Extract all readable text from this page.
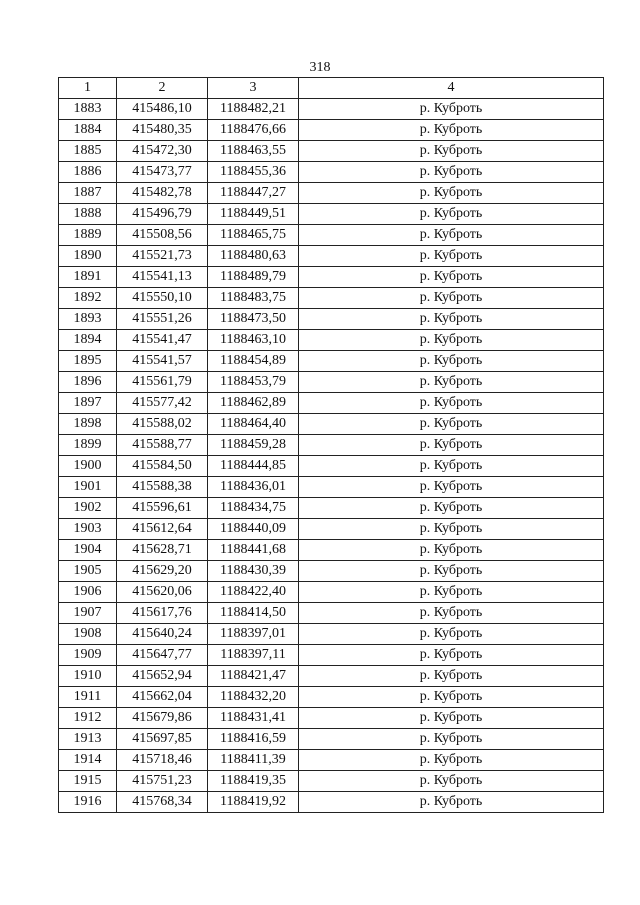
318
1	2	3	4
1883	415486,10	1188482,21	р. Куброть
1884	415480,35	1188476,66	р. Куброть
1885	415472,30	1188463,55	р. Куброть
1886	415473,77	1188455,36	р. Куброть
1887	415482,78	1188447,27	р. Куброть
1888	415496,79	1188449,51	р. Куброть
1889	415508,56	1188465,75	р. Куброть
1890	415521,73	1188480,63	р. Куброть
1891	415541,13	1188489,79	р. Куброть
1892	415550,10	1188483,75	р. Куброть
1893	415551,26	1188473,50	р. Куброть
1894	415541,47	1188463,10	р. Куброть
1895	415541,57	1188454,89	р. Куброть
1896	415561,79	1188453,79	р. Куброть
1897	415577,42	1188462,89	р. Куброть
1898	415588,02	1188464,40	р. Куброть
1899	415588,77	1188459,28	р. Куброть
1900	415584,50	1188444,85	р. Куброть
1901	415588,38	1188436,01	р. Куброть
1902	415596,61	1188434,75	р. Куброть
1903	415612,64	1188440,09	р. Куброть
1904	415628,71	1188441,68	р. Куброть
1905	415629,20	1188430,39	р. Куброть
1906	415620,06	1188422,40	р. Куброть
1907	415617,76	1188414,50	р. Куброть
1908	415640,24	1188397,01	р. Куброть
1909	415647,77	1188397,11	р. Куброть
1910	415652,94	1188421,47	р. Куброть
1911	415662,04	1188432,20	р. Куброть
1912	415679,86	1188431,41	р. Куброть
1913	415697,85	1188416,59	р. Куброть
1914	415718,46	1188411,39	р. Куброть
1915	415751,23	1188419,35	р. Куброть
1916	415768,34	1188419,92	р. Куброть
